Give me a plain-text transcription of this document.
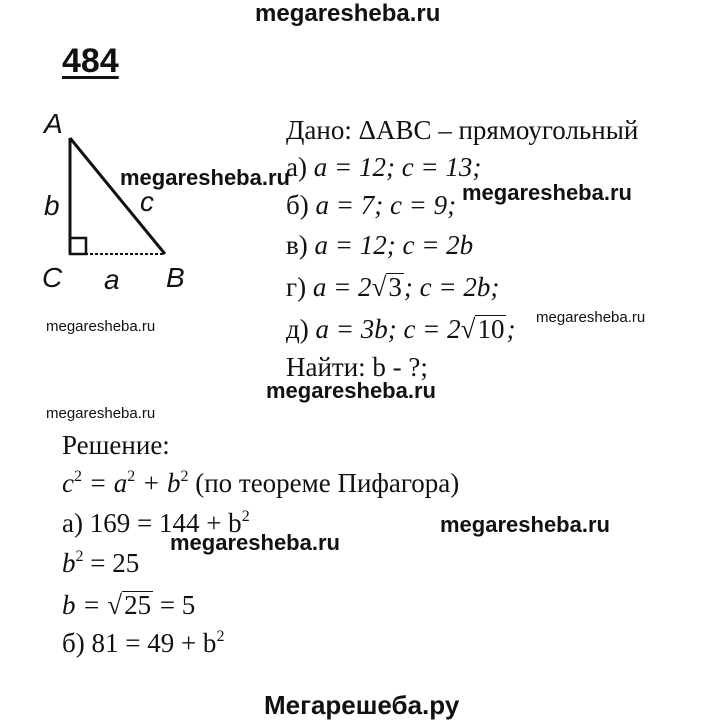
megaresheba.ru
megaresheba.ru
megaresheba.ru
megaresheba.ru
megaresheba.ru
megaresheba.ru
megaresheba.ru
megaresheba.ru
megaresheba.ru
484
A
b	c
C a B
Дано: ΔABC – прямоугольный
а) a = 12; c = 13;
б) a = 7; c = 9;
в) a = 12; c = 2b
г) a = 2√3; c = 2b;
д) a = 3b; c = 2√10;
Найти: b - ?;
Решение:
$c^2 = a^2 + b^2$ (по теореме Пифагора)
а) $169 = 144 + b^2$
$b^2 = 25$
b = √25 = 5
б) $81 = 49 + b^2$
Мегарешеба.ру
